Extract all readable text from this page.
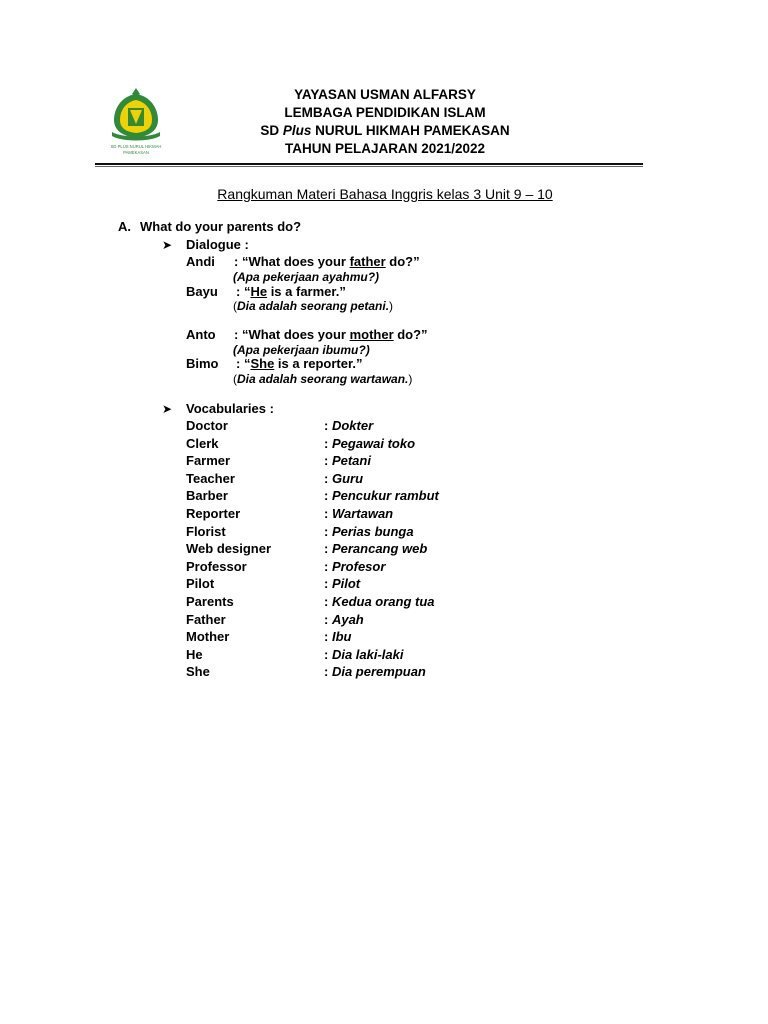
SD PLUS NURUL HIKMAH
PAMEKASAN
YAYASAN USMAN ALFARSY
LEMBAGA PENDIDIKAN ISLAM
SD Plus NURUL HIKMAH PAMEKASAN
TAHUN PELAJARAN 2021/2022
Rangkuman Materi Bahasa Inggris kelas 3 Unit 9 – 10
A. What do your parents do?
➤ Dialogue :
Andi : “What does your father do?”
(Apa pekerjaan ayahmu?)
Bayu : “He is a farmer.”
(Dia adalah seorang petani.)
Anto : “What does your mother do?”
(Apa pekerjaan ibumu?)
Bimo : “She is a reporter.”
(Dia adalah seorang wartawan.)
➤ Vocabularies :
Doctor	: Dokter
Clerk	: Pegawai toko
Farmer	: Petani
Teacher	: Guru
Barber	: Pencukur rambut
Reporter	: Wartawan
Florist	: Perias bunga
Web designer	: Perancang web
Professor	: Profesor
Pilot	: Pilot
Parents	: Kedua orang tua
Father	: Ayah
Mother	: Ibu
He	: Dia laki-laki
She	: Dia perempuan
